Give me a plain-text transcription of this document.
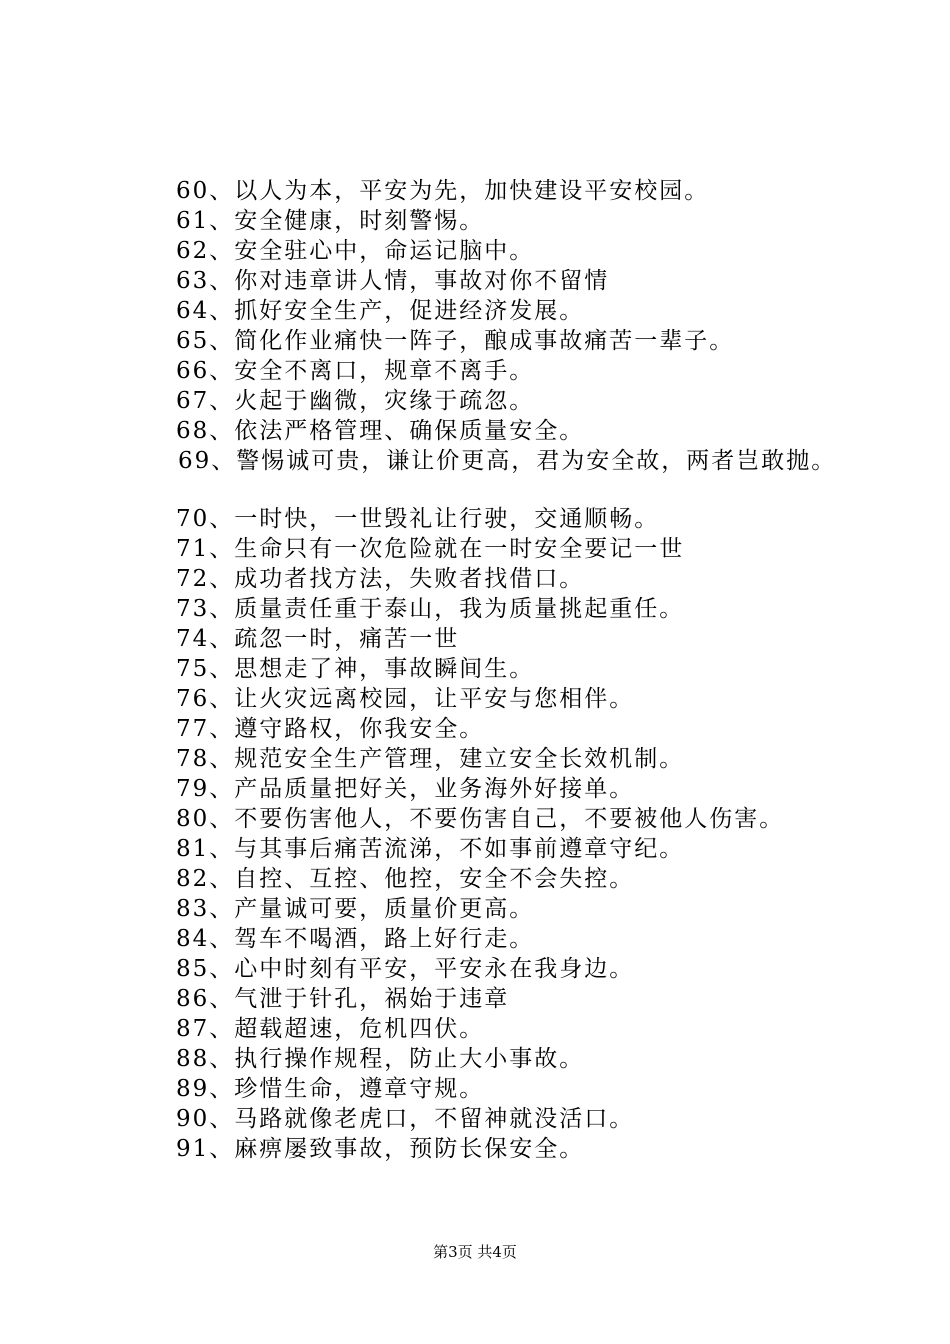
60、以人为本，平安为先，加快建设平安校园。
61、安全健康，时刻警惕。
62、安全驻心中，命运记脑中。
63、你对违章讲人情，事故对你不留情
64、抓好安全生产，促进经济发展。
65、简化作业痛快一阵子，酿成事故痛苦一辈子。
66、安全不离口，规章不离手。
67、火起于幽微，灾缘于疏忽。
68、依法严格管理、确保质量安全。
69、警惕诚可贵，谦让价更高，君为安全故，两者岂敢抛。
70、一时快，一世毁礼让行驶，交通顺畅。
71、生命只有一次危险就在一时安全要记一世
72、成功者找方法，失败者找借口。
73、质量责任重于泰山，我为质量挑起重任。
74、疏忽一时，痛苦一世
75、思想走了神，事故瞬间生。
76、让火灾远离校园，让平安与您相伴。
77、遵守路权，你我安全。
78、规范安全生产管理，建立安全长效机制。
79、产品质量把好关，业务海外好接单。
80、不要伤害他人，不要伤害自己，不要被他人伤害。
81、与其事后痛苦流涕，不如事前遵章守纪。
82、自控、互控、他控，安全不会失控。
83、产量诚可要，质量价更高。
84、驾车不喝酒，路上好行走。
85、心中时刻有平安，平安永在我身边。
86、气泄于针孔，祸始于违章
87、超载超速，危机四伏。
88、执行操作规程，防止大小事故。
89、珍惜生命，遵章守规。
90、马路就像老虎口，不留神就没活口。
91、麻痹屡致事故，预防长保安全。
第3页 共4页
